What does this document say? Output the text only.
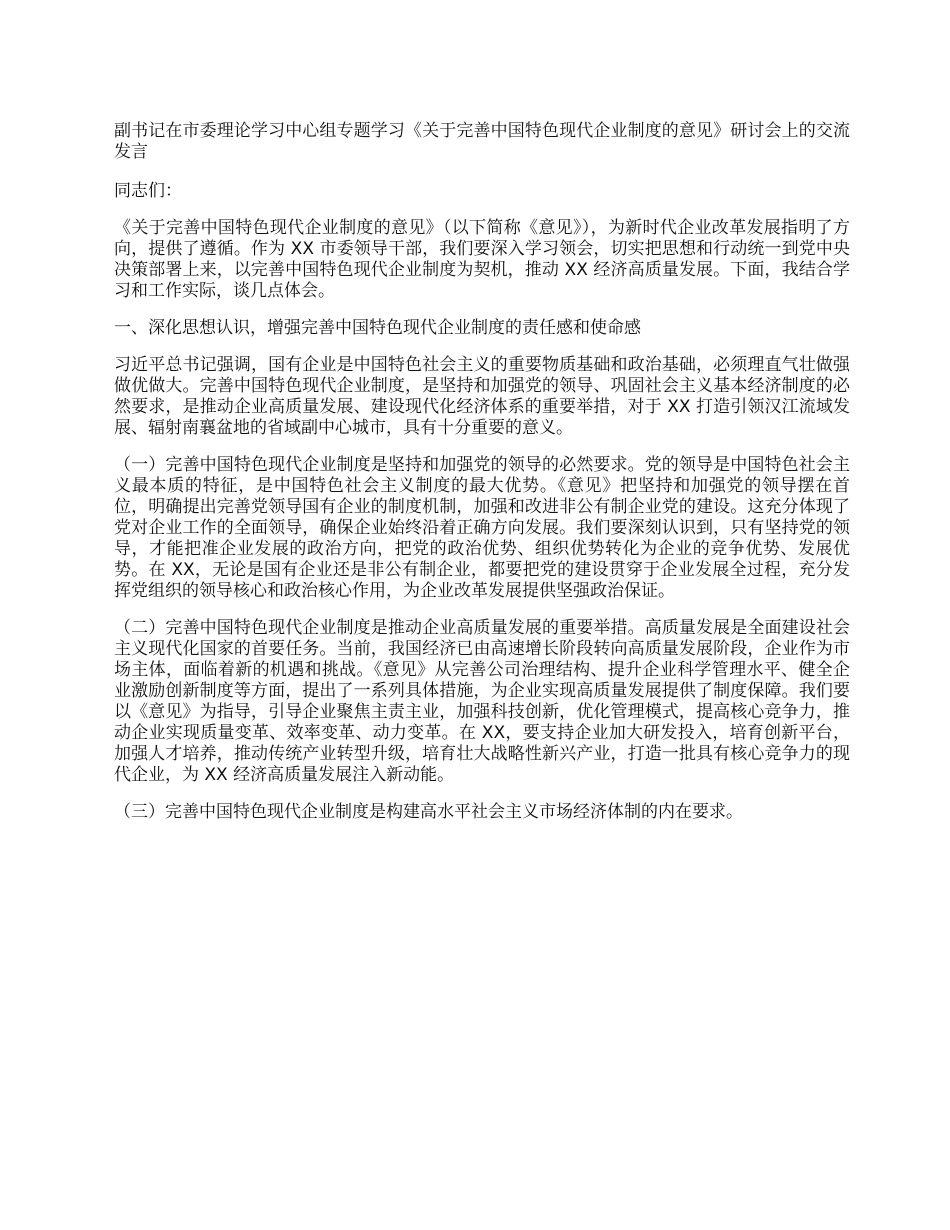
副书记在市委理论学习中心组专题学习《关于完善中国特色现代企业制度的意见》研讨会上的交流发言

同志们：

《关于完善中国特色现代企业制度的意见》（以下简称《意见》），为新时代企业改革发展指明了方向，提供了遵循。作为 XX 市委领导干部，我们要深入学习领会，切实把思想和行动统一到党中央决策部署上来，以完善中国特色现代企业制度为契机，推动 XX 经济高质量发展。下面，我结合学习和工作实际，谈几点体会。

一、深化思想认识，增强完善中国特色现代企业制度的责任感和使命感

习近平总书记强调，国有企业是中国特色社会主义的重要物质基础和政治基础，必须理直气壮做强做优做大。完善中国特色现代企业制度，是坚持和加强党的领导、巩固社会主义基本经济制度的必然要求，是推动企业高质量发展、建设现代化经济体系的重要举措，对于 XX 打造引领汉江流域发展、辐射南襄盆地的省域副中心城市，具有十分重要的意义。

（一）完善中国特色现代企业制度是坚持和加强党的领导的必然要求。党的领导是中国特色社会主义最本质的特征，是中国特色社会主义制度的最大优势。《意见》把坚持和加强党的领导摆在首位，明确提出完善党领导国有企业的制度机制，加强和改进非公有制企业党的建设。这充分体现了党对企业工作的全面领导，确保企业始终沿着正确方向发展。我们要深刻认识到，只有坚持党的领导，才能把准企业发展的政治方向，把党的政治优势、组织优势转化为企业的竞争优势、发展优势。在 XX，无论是国有企业还是非公有制企业，都要把党的建设贯穿于企业发展全过程，充分发挥党组织的领导核心和政治核心作用，为企业改革发展提供坚强政治保证。

（二）完善中国特色现代企业制度是推动企业高质量发展的重要举措。高质量发展是全面建设社会主义现代化国家的首要任务。当前，我国经济已由高速增长阶段转向高质量发展阶段，企业作为市场主体，面临着新的机遇和挑战。《意见》从完善公司治理结构、提升企业科学管理水平、健全企业激励创新制度等方面，提出了一系列具体措施，为企业实现高质量发展提供了制度保障。我们要以《意见》为指导，引导企业聚焦主责主业，加强科技创新，优化管理模式，提高核心竞争力，推动企业实现质量变革、效率变革、动力变革。在 XX，要支持企业加大研发投入，培育创新平台，加强人才培养，推动传统产业转型升级，培育壮大战略性新兴产业，打造一批具有核心竞争力的现代企业，为 XX 经济高质量发展注入新动能。

（三）完善中国特色现代企业制度是构建高水平社会主义市场经济体制的内在要求。
